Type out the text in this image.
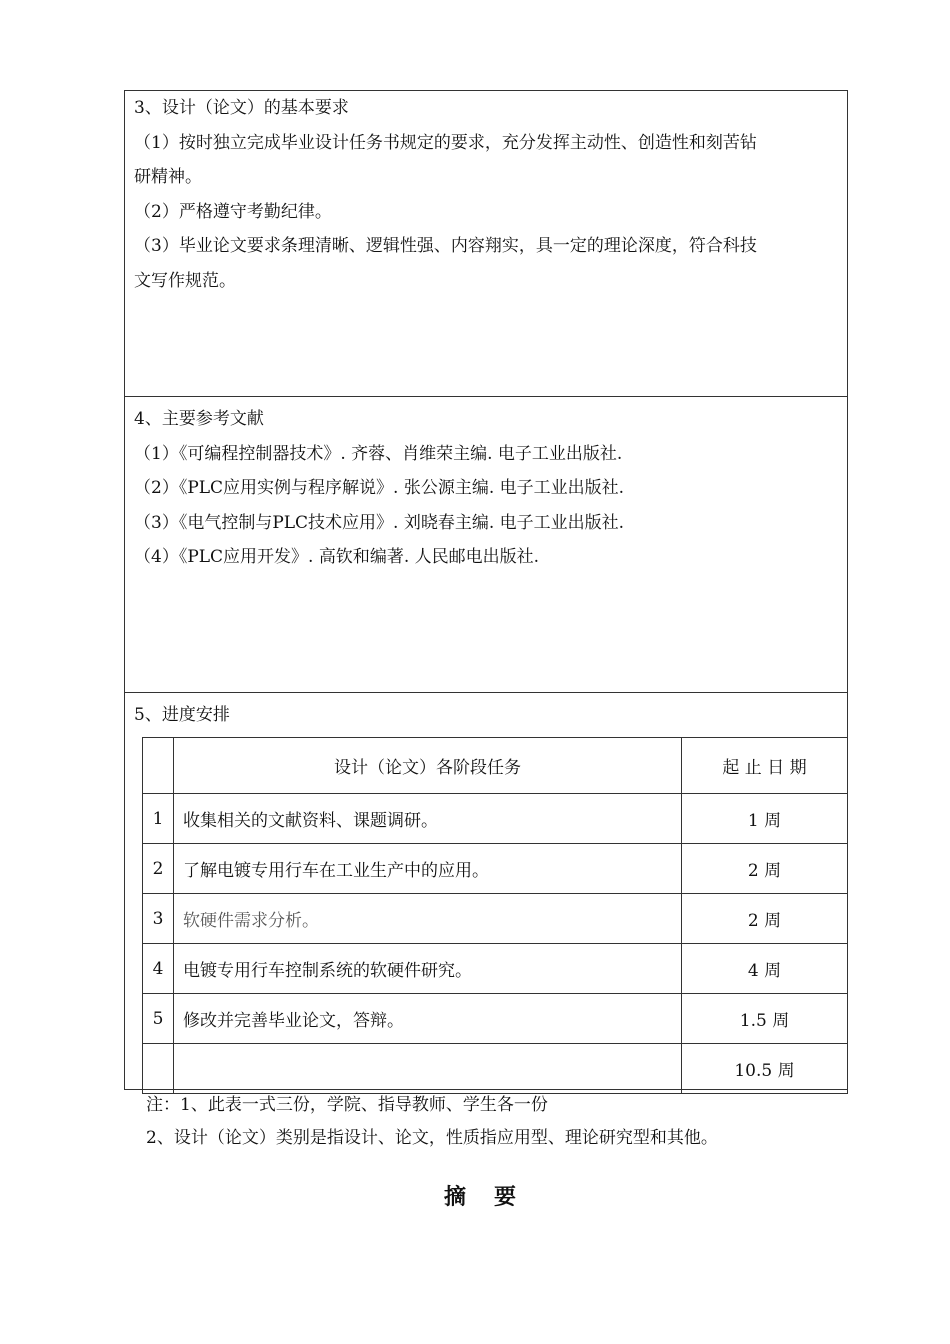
3、设计（论文）的基本要求
（1）按时独立完成毕业设计任务书规定的要求，充分发挥主动性、创造性和刻苦钻
研精神。
（2）严格遵守考勤纪律。
（3）毕业论文要求条理清晰、逻辑性强、内容翔实，具一定的理论深度，符合科技
文写作规范。
4、主要参考文献
（1）《可编程控制器技术》. 齐蓉、肖维荣主编. 电子工业出版社.
（2）《PLC应用实例与程序解说》. 张公源主编. 电子工业出版社.
（3）《电气控制与PLC技术应用》. 刘晓春主编. 电子工业出版社.
（4）《PLC应用开发》. 高钦和编著. 人民邮电出版社.
5、进度安排
	设计（论文）各阶段任务	起 止 日 期
1	收集相关的文献资料、课题调研。	1 周
2	了解电镀专用行车在工业生产中的应用。	2 周
3	软硬件需求分析。	2 周
4	电镀专用行车控制系统的软硬件研究。	4 周
5	修改并完善毕业论文，答辩。	1.5 周
		10.5 周
注：1、此表一式三份，学院、指导教师、学生各一份
2、设计（论文）类别是指设计、论文，性质指应用型、理论研究型和其他。
摘要
